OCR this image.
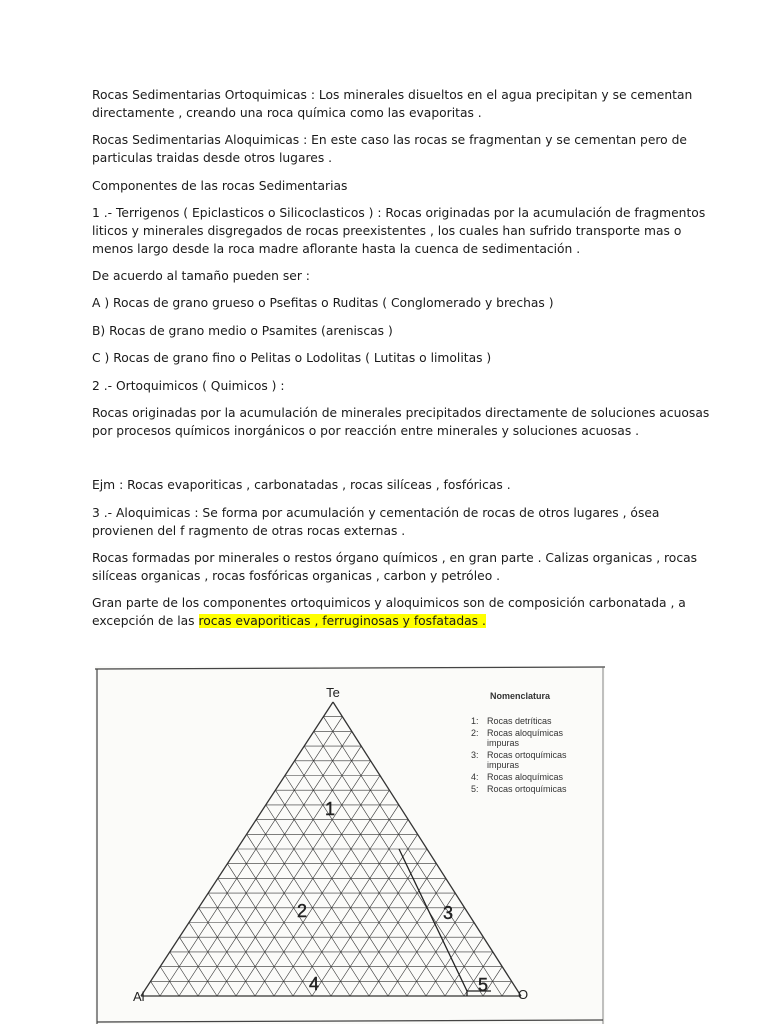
Rocas Sedimentarias Ortoquimicas : Los minerales disueltos en el agua precipitan y se cementan

directamente , creando una roca química como las evaporitas .

Rocas Sedimentarias Aloquimicas : En este caso las rocas se fragmentan y se cementan pero de

particulas traidas desde otros lugares .

Componentes de las rocas Sedimentarias

1 .- Terrigenos ( Epiclasticos o Silicoclasticos ) : Rocas originadas por la acumulación de fragmentos

liticos y minerales disgregados de rocas preexistentes , los cuales han sufrido transporte mas o

menos largo desde la roca madre aflorante hasta la cuenca de sedimentación .

De acuerdo al tamaño pueden ser :

A ) Rocas de grano grueso o Psefitas o Ruditas ( Conglomerado y brechas )

B) Rocas de grano medio o Psamites (areniscas )

C ) Rocas de grano fino o Pelitas o Lodolitas ( Lutitas o limolitas )

2 .- Ortoquimicos ( Quimicos ) :

Rocas originadas por la acumulación de minerales precipitados directamente de soluciones acuosas

por procesos químicos inorgánicos o por reacción entre minerales y soluciones acuosas .

Ejm : Rocas evaporiticas , carbonatadas , rocas silíceas , fosfóricas .

3 .- Aloquimicas : Se forma por acumulación y cementación de rocas de otros lugares , ósea

provienen del f ragmento de otras rocas externas .

Rocas formadas por minerales o restos órgano químicos , en gran parte . Calizas organicas , rocas

silíceas organicas , rocas fosfóricas organicas , carbon y petróleo .

Gran parte de los componentes ortoquimicos y aloquimicos son de composición carbonatada , a

excepción de las rocas evaporiticas , ferruginosas y fosfatadas .

Te
Al	O
1
2	3
4	5
Nomenclatura
1: Rocas detríticas
2: Rocas aloquímicas
impuras
3: Rocas ortoquímicas
impuras
4: Rocas aloquímicas
5: Rocas ortoquímicas
